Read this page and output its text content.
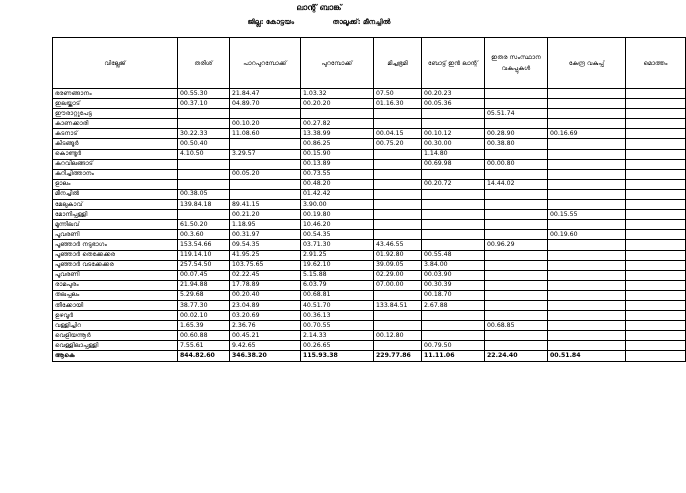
ലാന്റ് ബാങ്ക്
ജില്ല: കോട്ടയം	താലൂക്ക്: മീനച്ചിൽ
വില്ലേജ്	തരിശ്	പാറപുറമ്പോക്ക്	പുറമ്പോക്ക്	മിച്ചഭൂമി	ബോട്ട് ഇൻ ലാന്റ്	ഇതര സംസ്ഥാന വകുപ്പുകൾ	കേന്ദ്ര വകുപ്പ്	മൊത്തം
ഭരണങ്ങാനം	00.55.30	21.84.47	1.03.32	07.50	00.20.23			
ഇലയ്ക്കാട്	00.37.10	04.89.70	00.20.20	01.16.30	00.05.36			
ഈരാറ്റുപേട്ട						05.51.74		
കാണക്കാരി		00.10.20	00.27.82					
കടനാട്	30.22.33	11.08.60	13.38.99	00.04.15	00.10.12	00.28.90	00.16.69	
കിടങ്ങൂർ	00.50.40		00.86.25	00.75.20	00.30.00	00.38.80		
കൊണ്ടൂർ	4.10.50	3.29.57	00.15.90		1.14.80			
കുറവിലങ്ങാട്			00.13.89		00.69.98	00.00.80		
കുറിച്ചിത്താനം		00.05.20	00.73.55					
ളാലം			00.48.20		00.20.72	14.44.02		
മീനച്ചിൽ	00.38.05		01.42.42					
മേലുകാവ്	139.84.18	89.41.15	3.90.00					
മോനിപ്പള്ളി		00.21.20	00.19.80				00.15.55	
മൂന്നിലവ്	61.50.20	1.18.95	10.46.20					
പൂവരണി	00.3.60	00.31.97	00.54.35				00.19.60	
പൂഞ്ഞാർ നടുഭാഗം	153.54.66	09.54.35	03.71.30	43.46.55		00.96.29		
പൂഞ്ഞാർ തെക്കേക്കര	119.14.10	41.95.25	2.91.25	01.92.80	00.55.48			
പൂഞ്ഞാർ വടക്കേക്കര	257.54.50	103.75.65	19.62.10	39.09.05	3.84.00			
പൂവരണി	00.07.45	02.22.45	5.15.88	02.29.00	00.03.90			
രാമപുരം	21.94.88	17.78.89	6.03.79	07.00.00	00.30.39			
തലപ്പലം	5.29.68	00.20.40	00.68.81		00.18.70			
തീക്കോയി	38.77.30	23.04.89	40.51.70	133.84.51	2.67.88			
ഉഴവൂർ	00.02.10	03.20.69	00.36.13					
വള്ളിച്ചിറ	1.65.39	2.36.76	00.70.55			00.68.85		
വെളിയന്നൂർ	00.60.88	00.45.21	2.14.33	00.12.80				
വെള്ളിലാപ്പള്ളി	7.55.61	9.42.65	00.26.65		00.79.50			
ആകെ	844.82.60	346.38.20	115.93.38	229.77.86	11.11.06	22.24.40	00.51.84	
